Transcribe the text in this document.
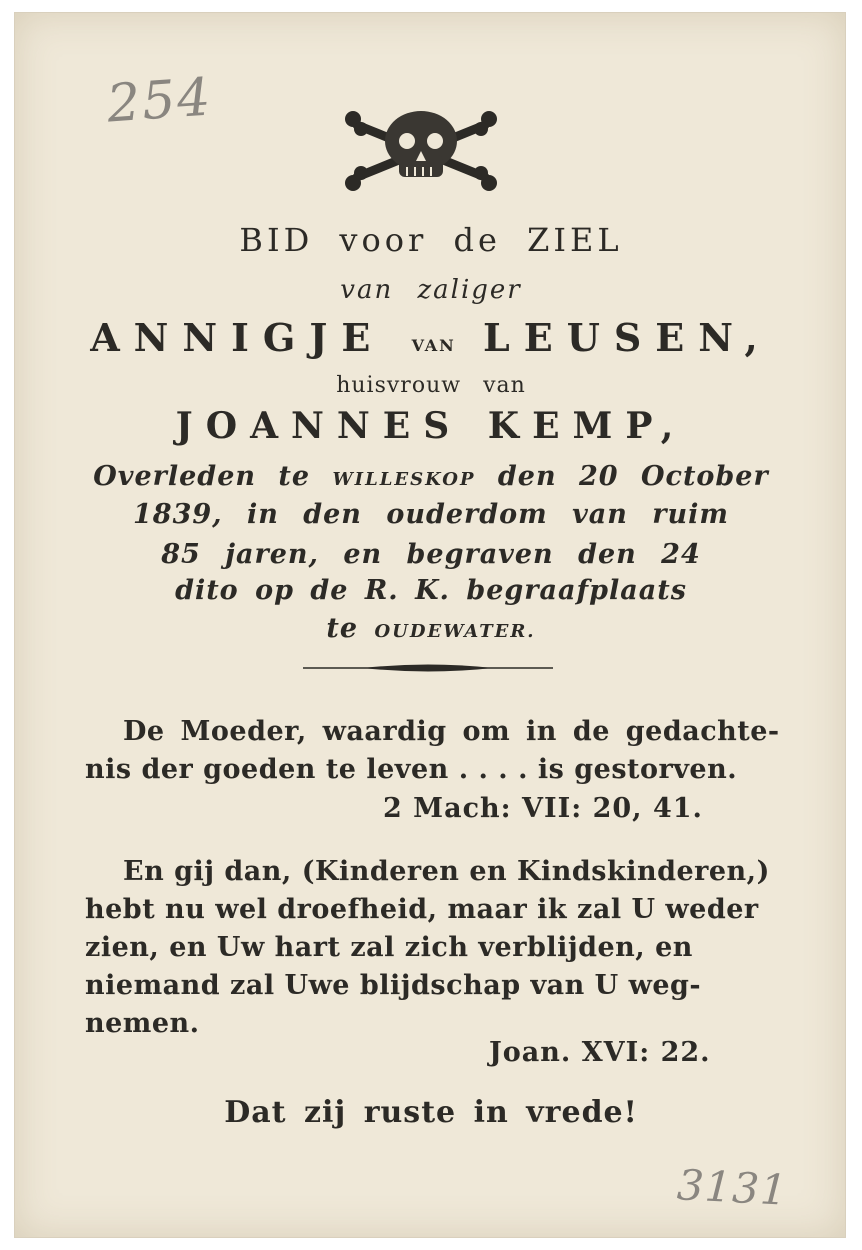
254
BID voor de ZIEL
van zaliger
ANNIGJE VAN LEUSEN,
huisvrouw van
JOANNES KEMP,
Overleden te WILLESKOP den 20 October
1839, in den ouderdom van ruim
85 jaren, en begraven den 24
dito op de R. K. begraafplaats
te OUDEWATER.
De Moeder, waardig om in de gedachte-
nis der goeden te leven . . . . is gestorven.
2 Mach: VII: 20, 41.
En gij dan, (Kinderen en Kindskinderen,)
hebt nu wel droefheid, maar ik zal U weder
zien, en Uw hart zal zich verblijden, en
niemand zal Uwe blijdschap van U weg-
nemen.
Joan. XVI: 22.
Dat zij ruste in vrede!
3131
